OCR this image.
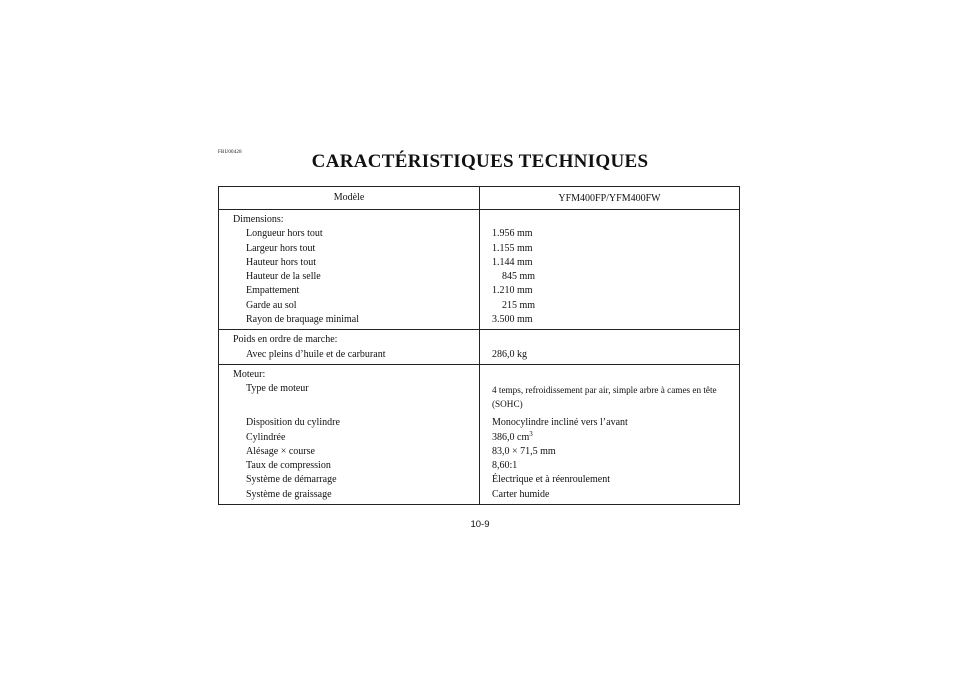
FBU00428	CARACTÉRISTIQUES TECHNIQUES
Modèle	YFM400FP/YFM400FW
Dimensions:
Longueur hors tout	1.956 mm
Largeur hors tout	1.155 mm
Hauteur hors tout	1.144 mm
Hauteur de la selle	845 mm
Empattement	1.210 mm
Garde au sol	215 mm
Rayon de braquage minimal	3.500 mm
Poids en ordre de marche:
Avec pleins d’huile et de carburant	286,0 kg
Moteur:
Type de moteur	4 temps, refroidissement par air, simple arbre à cames en tête
(SOHC)
Disposition du cylindre	Monocylindre incliné vers l’avant
Cylindrée	386,0 $cm^3$
Alésage × course	83,0 × 71,5 mm
Taux de compression	8,60:1
Système de démarrage	Électrique et à réenroulement
Système de graissage	Carter humide
10-9
